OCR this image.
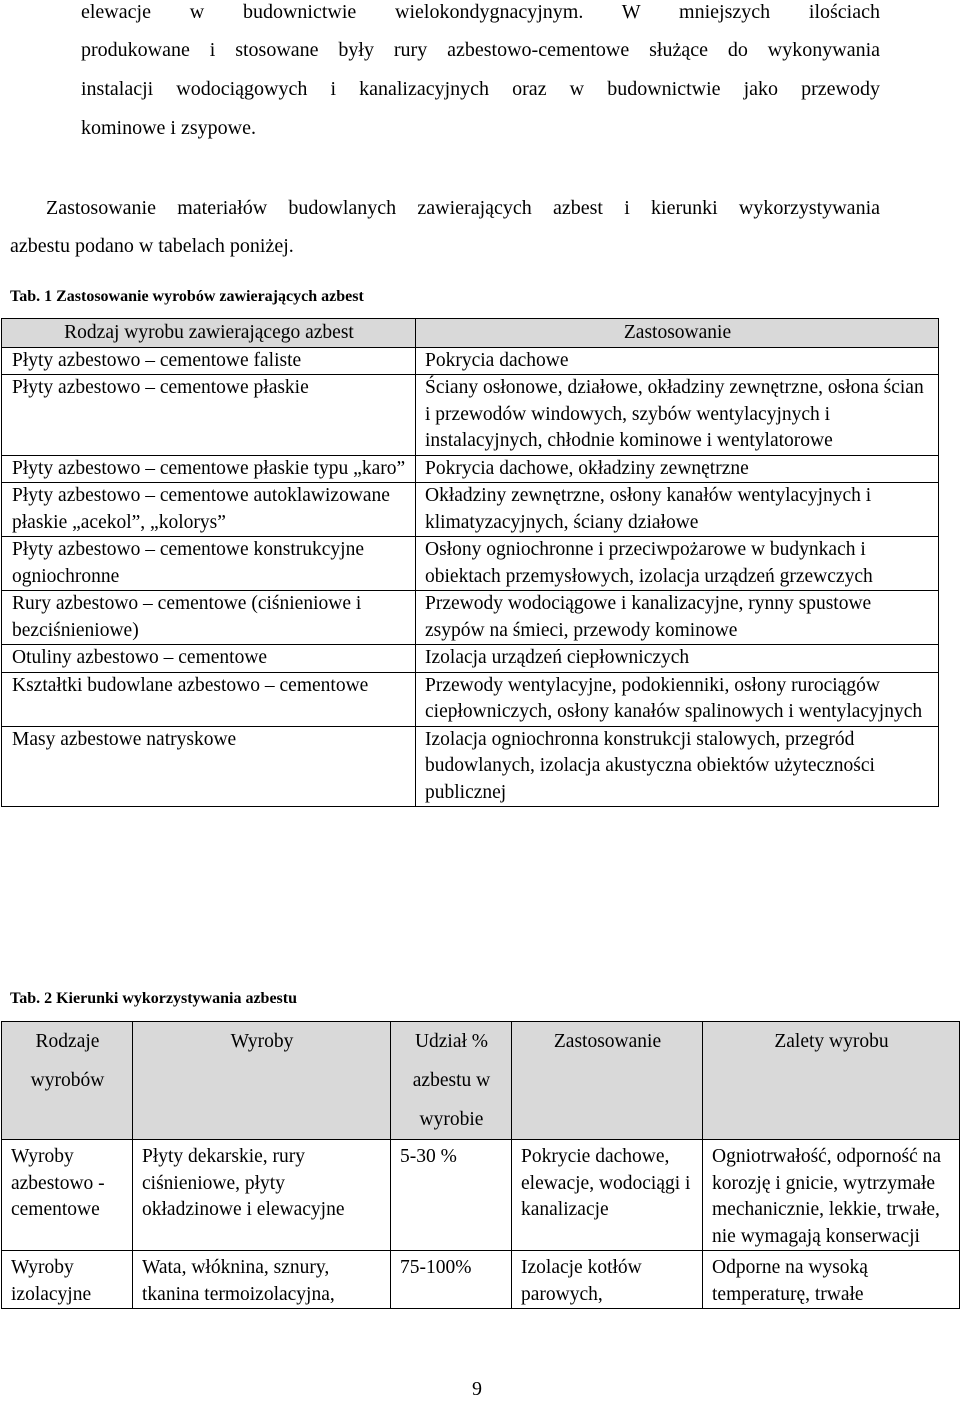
elewacje w budownictwie wielokondygnacyjnym. W mniejszych ilościach
produkowane i stosowane były rury azbestowo-cementowe służące do wykonywania
instalacji wodociągowych i kanalizacyjnych oraz w budownictwie jako przewody
kominowe i zsypowe.
Zastosowanie materiałów budowlanych zawierających azbest i kierunki wykorzystywania
azbestu podano w tabelach poniżej.
Tab. 1 Zastosowanie wyrobów zawierających azbest
Rodzaj wyrobu zawierającego azbest	Zastosowanie
Płyty azbestowo – cementowe faliste	Pokrycia dachowe
Płyty azbestowo – cementowe płaskie	Ściany osłonowe, działowe, okładziny zewnętrzne, osłona ścian i przewodów windowych, szybów wentylacyjnych i instalacyjnych, chłodnie kominowe i wentylatorowe
Płyty azbestowo – cementowe płaskie typu „karo”	Pokrycia dachowe, okładziny zewnętrzne
Płyty azbestowo – cementowe autoklawizowane płaskie „acekol”, „kolorys”	Okładziny zewnętrzne, osłony kanałów wentylacyjnych i klimatyzacyjnych, ściany działowe
Płyty azbestowo – cementowe konstrukcyjne ogniochronne	Osłony ogniochronne i przeciwpożarowe w budynkach i obiektach przemysłowych, izolacja urządzeń grzewczych
Rury azbestowo – cementowe (ciśnieniowe i bezciśnieniowe)	Przewody wodociągowe i kanalizacyjne, rynny spustowe zsypów na śmieci, przewody kominowe
Otuliny azbestowo – cementowe	Izolacja urządzeń ciepłowniczych
Kształtki budowlane azbestowo – cementowe	Przewody wentylacyjne, podokienniki, osłony rurociągów ciepłowniczych, osłony kanałów spalinowych i wentylacyjnych
Masy azbestowe natryskowe	Izolacja ogniochronna konstrukcji stalowych, przegród budowlanych, izolacja akustyczna obiektów użyteczności publicznej
Tab. 2 Kierunki wykorzystywania azbestu
Rodzaje wyrobów	Wyroby	Udział % azbestu w wyrobie	Zastosowanie	Zalety wyrobu
Wyroby azbestowo - cementowe	Płyty dekarskie, rury ciśnieniowe, płyty okładzinowe i elewacyjne	5-30 %	Pokrycie dachowe, elewacje, wodociągi i kanalizacje	Ogniotrwałość, odporność na korozję i gnicie, wytrzymałe mechanicznie, lekkie, trwałe, nie wymagają konserwacji
Wyroby izolacyjne	Wata, włóknina, sznury, tkanina termoizolacyjna,	75-100%	Izolacje kotłów parowych,	Odporne na wysoką temperaturę, trwałe
9
